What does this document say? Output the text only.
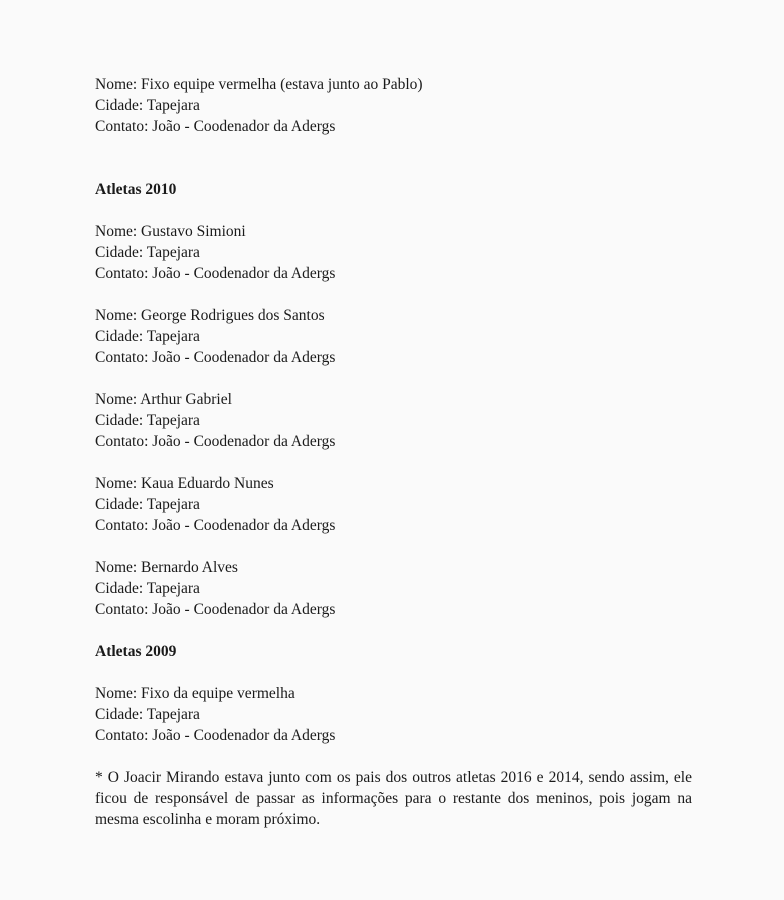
Nome: Fixo equipe vermelha (estava junto ao Pablo)
Cidade: Tapejara
Contato: João - Coodenador da Adergs
Atletas 2010
Nome: Gustavo Simioni
Cidade: Tapejara
Contato: João - Coodenador da Adergs
Nome: George Rodrigues dos Santos
Cidade: Tapejara
Contato: João - Coodenador da Adergs
Nome: Arthur Gabriel
Cidade: Tapejara
Contato: João - Coodenador da Adergs
Nome: Kaua Eduardo Nunes
Cidade: Tapejara
Contato: João - Coodenador da Adergs
Nome: Bernardo Alves
Cidade: Tapejara
Contato: João - Coodenador da Adergs
Atletas 2009
Nome: Fixo da equipe vermelha
Cidade: Tapejara
Contato: João - Coodenador da Adergs
* O Joacir Mirando estava junto com os pais dos outros atletas 2016 e 2014, sendo assim, ele ficou de responsável de passar as informações para o restante dos meninos, pois jogam na mesma escolinha e moram próximo.
